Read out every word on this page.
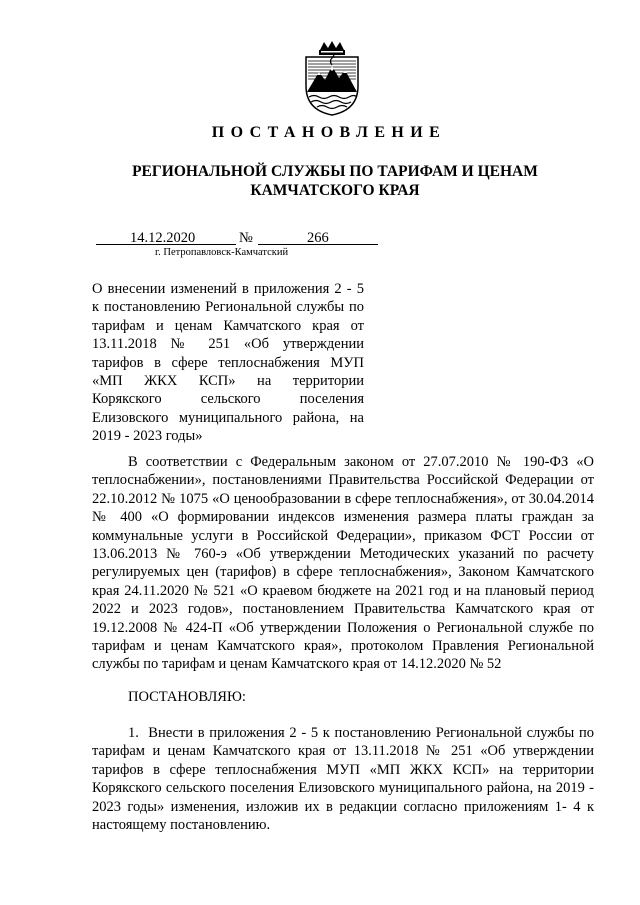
ПОСТАНОВЛЕНИЕ
РЕГИОНАЛЬНОЙ СЛУЖБЫ ПО ТАРИФАМ И ЦЕНАМ
КАМЧАТСКОГО КРАЯ
14.12.2020	№	266
г. Петропавловск-Камчатский
О внесении изменений в приложения 2 - 5 к постановлению Региональной службы по тарифам и ценам Камчатского края от 13.11.2018 № 251 «Об утверждении тарифов в сфере теплоснабжения МУП «МП ЖКХ КСП» на территории Корякского сельского поселения Елизовского муниципального района, на 2019 - 2023 годы»
В соответствии с Федеральным законом от 27.07.2010 № 190-ФЗ «О теплоснабжении», постановлениями Правительства Российской Федерации от 22.10.2012 № 1075 «О ценообразовании в сфере теплоснабжения», от 30.04.2014 № 400 «О формировании индексов изменения размера платы граждан за коммунальные услуги в Российской Федерации», приказом ФСТ России от 13.06.2013 № 760-э «Об утверждении Методических указаний по расчету регулируемых цен (тарифов) в сфере теплоснабжения», Законом Камчатского края 24.11.2020 № 521 «О краевом бюджете на 2021 год и на плановый период 2022 и 2023 годов», постановлением Правительства Камчатского края от 19.12.2008 № 424-П «Об утверждении Положения о Региональной службе по тарифам и ценам Камчатского края», протоколом Правления Региональной службы по тарифам и ценам Камчатского края от 14.12.2020 № 52
ПОСТАНОВЛЯЮ:
1. Внести в приложения 2 - 5 к постановлению Региональной службы по тарифам и ценам Камчатского края от 13.11.2018 № 251 «Об утверждении тарифов в сфере теплоснабжения МУП «МП ЖКХ КСП» на территории Корякского сельского поселения Елизовского муниципального района, на 2019 - 2023 годы» изменения, изложив их в редакции согласно приложениям 1- 4 к настоящему постановлению.
